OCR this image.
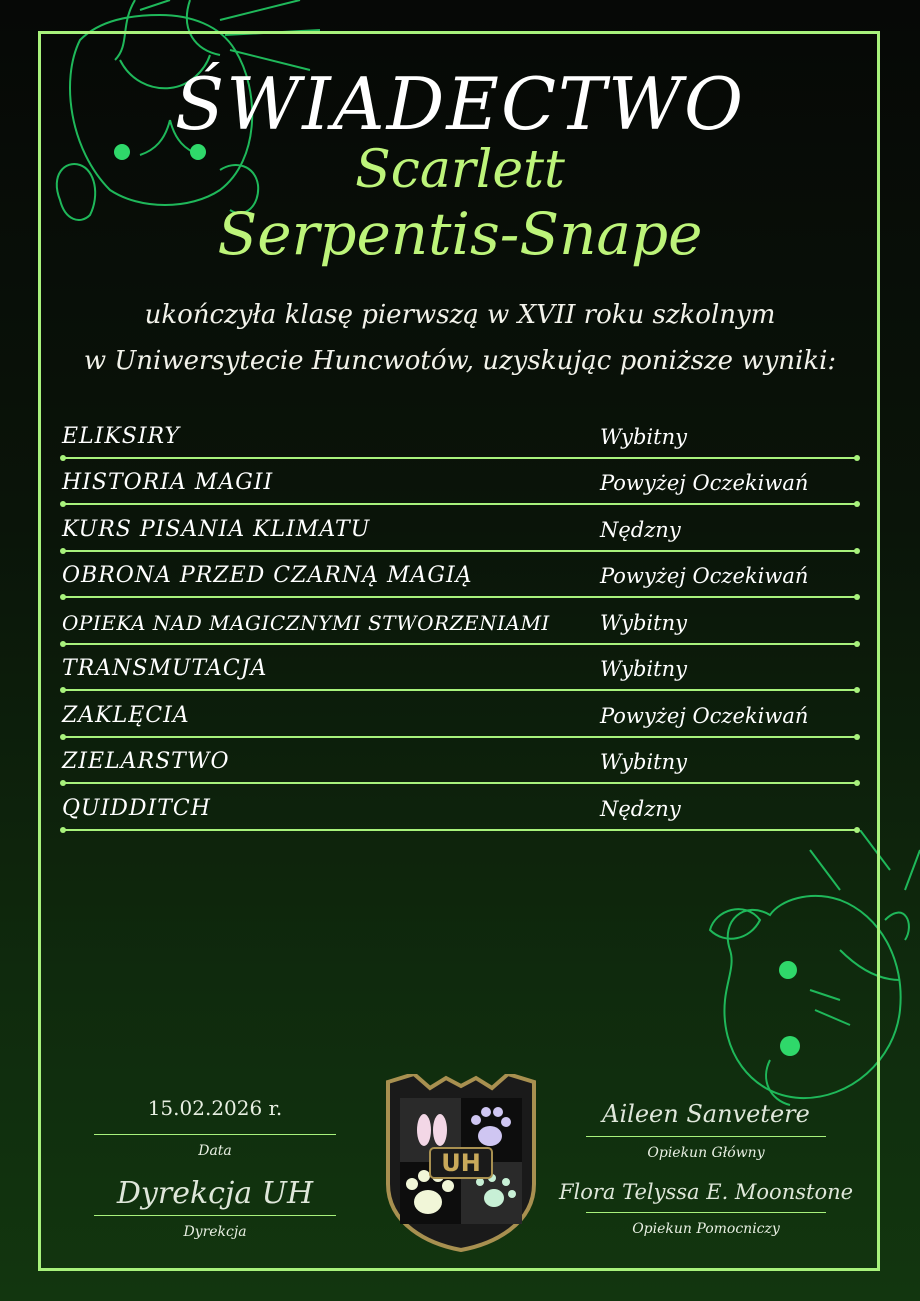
ŚWIADECTWO
Scarlett
Serpentis-Snape
ukończyła klasę pierwszą w XVII roku szkolnym
w Uniwersytecie Huncwotów, uzyskując poniższe wyniki:
ELIKSIRY	Wybitny
HISTORIA MAGII	Powyżej Oczekiwań
KURS PISANIA KLIMATU	Nędzny
OBRONA PRZED CZARNĄ MAGIĄ	Powyżej Oczekiwań
OPIEKA NAD MAGICZNYMI STWORZENIAMI Wybitny
TRANSMUTACJA	Wybitny
ZAKLĘCIA	Powyżej Oczekiwań
ZIELARSTWO	Wybitny
QUIDDITCH	Nędzny
15.02.2026 r.
Data
Dyrekcja UH
Dyrekcja
UH
Aileen Sanvetere
Opiekun Główny
Flora Telyssa E. Moonstone
Opiekun Pomocniczy
